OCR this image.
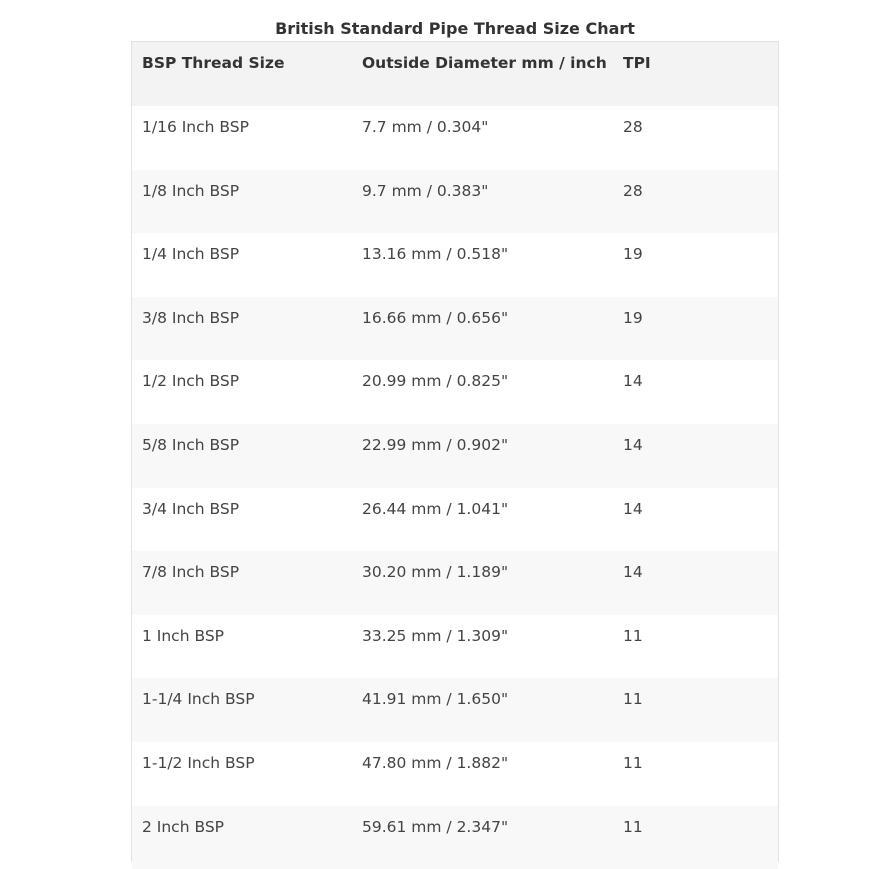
British Standard Pipe Thread Size Chart
BSP Thread Size	Outside Diameter mm / inch TPI
1/16 Inch BSP	7.7 mm / 0.304"	28
1/8 Inch BSP	9.7 mm / 0.383"	28
1/4 Inch BSP	13.16 mm / 0.518"	19
3/8 Inch BSP	16.66 mm / 0.656"	19
1/2 Inch BSP	20.99 mm / 0.825"	14
5/8 Inch BSP	22.99 mm / 0.902"	14
3/4 Inch BSP	26.44 mm / 1.041"	14
7/8 Inch BSP	30.20 mm / 1.189"	14
1 Inch BSP	33.25 mm / 1.309"	11
1-1/4 Inch BSP	41.91 mm / 1.650"	11
1-1/2 Inch BSP	47.80 mm / 1.882"	11
2 Inch BSP	59.61 mm / 2.347"	11
